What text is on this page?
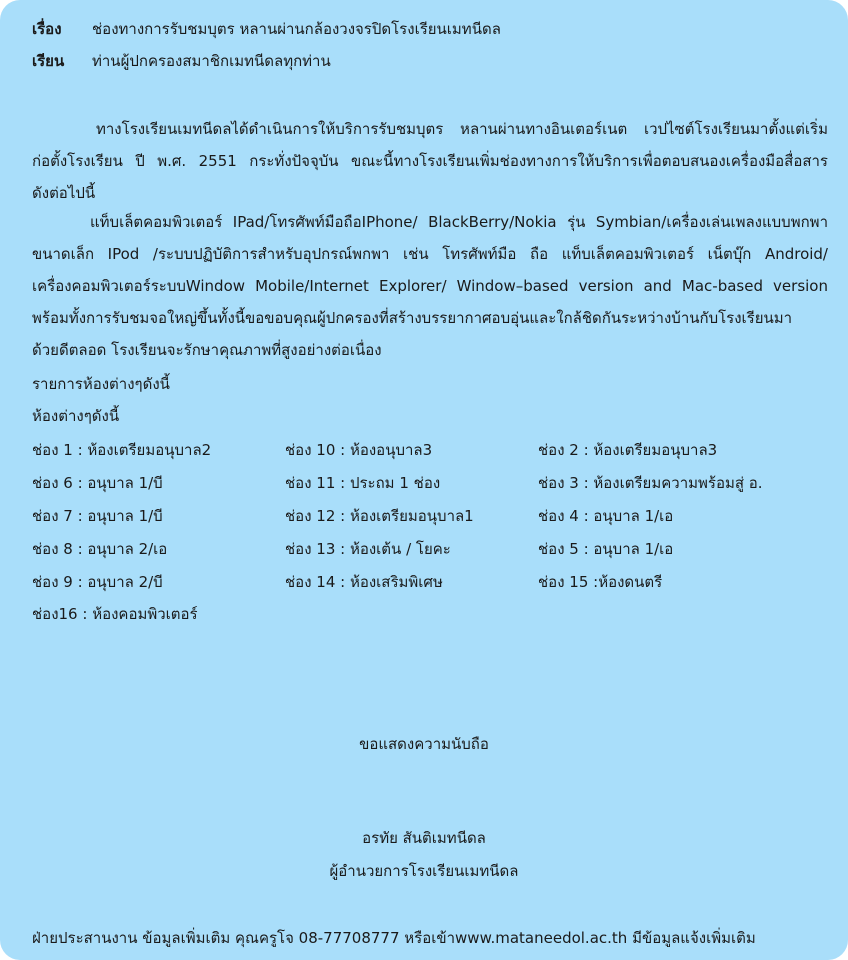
เรื่อง ช่องทางการรับชมบุตร หลานผ่านกล้องวงจรปิดโรงเรียนเมทนีดล
เรียน ท่านผู้ปกครองสมาชิกเมทนีดลทุกท่าน
ทางโรงเรียนเมทนีดลได้ดำเนินการให้บริการรับชมบุตร หลานผ่านทางอินเตอร์เนต เวปไซต์โรงเรียนมาตั้งแต่เริ่ม
ก่อตั้งโรงเรียน ปี พ.ศ. 2551 กระทั่งปัจจุบัน ขณะนี้ทางโรงเรียนเพิ่มช่องทางการให้บริการเพื่อตอบสนองเครื่องมือสื่อสาร
ดังต่อไปนี้
แท็บเล็ตคอมพิวเตอร์ IPad/โทรศัพท์มือถือIPhone/ BlackBerry/Nokia รุ่น Symbian/เครื่องเล่นเพลงแบบพกพา
ขนาดเล็ก IPod /ระบบปฏิบัติการสำหรับอุปกรณ์พกพา เช่น โทรศัพท์มือ ถือ แท็บเล็ตคอมพิวเตอร์ เน็ตบุ๊ก Android/
เครื่องคอมพิวเตอร์ระบบWindow Mobile/Internet Explorer/ Window–based version and Mac-based version
พร้อมทั้งการรับชมจอใหญ่ขึ้นทั้งนี้ขอขอบคุณผู้ปกครองที่สร้างบรรยากาศอบอุ่นและใกล้ชิดกันระหว่างบ้านกับโรงเรียนมา
ด้วยดีตลอด โรงเรียนจะรักษาคุณภาพที่สูงอย่างต่อเนื่อง
รายการห้องต่างๆดังนี้
ห้องต่างๆดังนี้
ช่อง 1 : ห้องเตรียมอนุบาล2
ช่อง 6 : อนุบาล 1/บี
ช่อง 7 : อนุบาล 1/บี
ช่อง 8 : อนุบาล 2/เอ
ช่อง 9 : อนุบาล 2/บี
ช่อง16 : ห้องคอมพิวเตอร์
ช่อง 10 : ห้องอนุบาล3
ช่อง 11 : ประถม 1 ช่อง
ช่อง 12 : ห้องเตรียมอนุบาล1
ช่อง 13 : ห้องเต้น / โยคะ
ช่อง 14 : ห้องเสริมพิเศษ
ช่อง 2 : ห้องเตรียมอนุบาล3
ช่อง 3 : ห้องเตรียมความพร้อมสู่ อ.
ช่อง 4 : อนุบาล 1/เอ
ช่อง 5 : อนุบาล 1/เอ
ช่อง 15 :ห้องดนตรี
ขอแสดงความนับถือ
อรทัย สันติเมทนีดล
ผู้อำนวยการโรงเรียนเมทนีดล
ฝ่ายประสานงาน ข้อมูลเพิ่มเติม คุณครูโจ 08-77708777 หรือเข้าwww.mataneedol.ac.th มีข้อมูลแจ้งเพิ่มเติม
